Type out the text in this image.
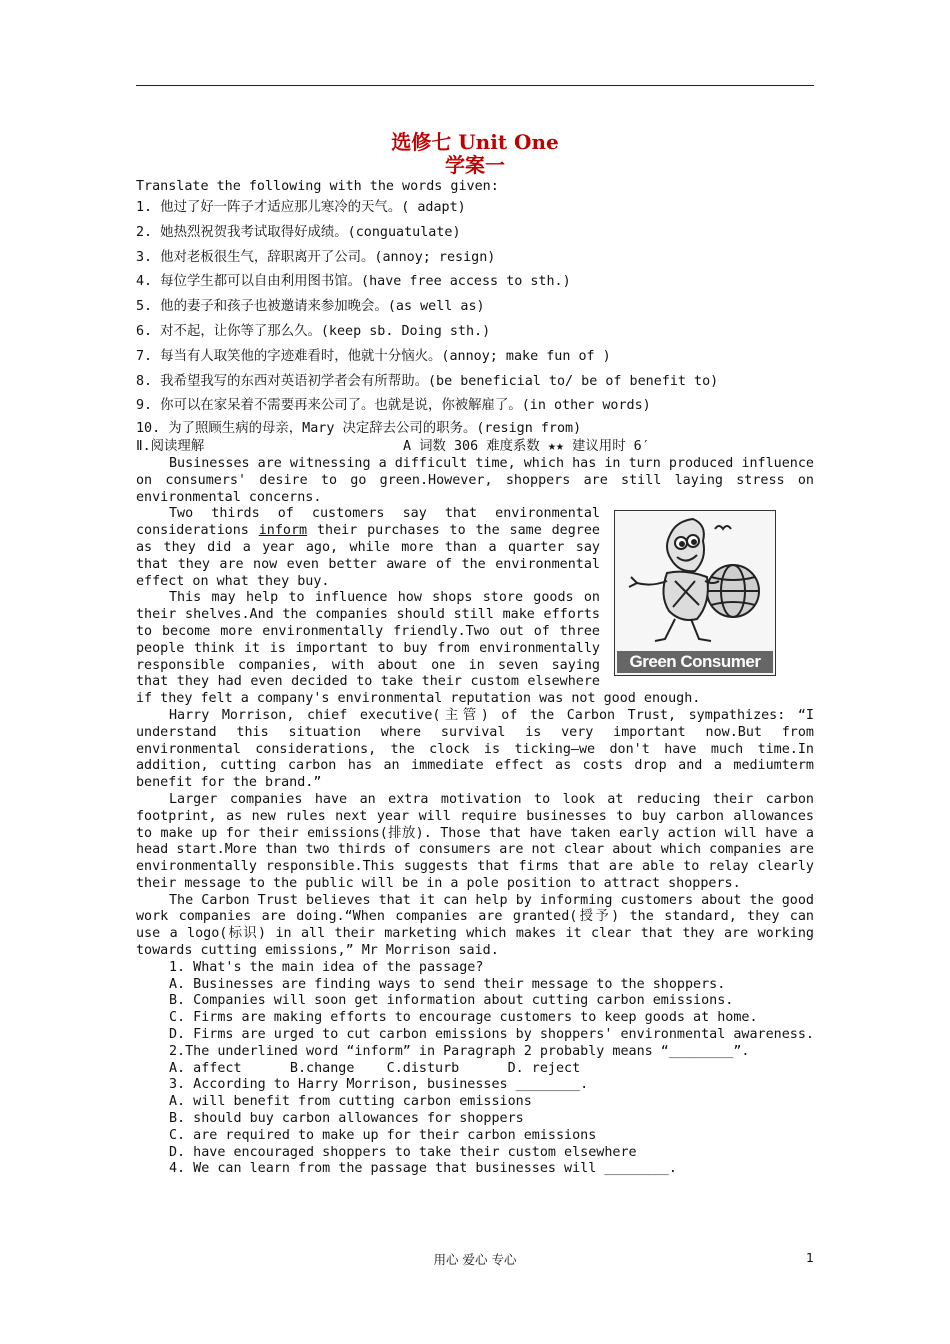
选修七 Unit One
学案一
Translate the following with the words given:
1. 他过了好一阵子才适应那儿寒冷的天气。( adapt)
2. 她热烈祝贺我考试取得好成绩。(conguatulate)
3. 他对老板很生气，辞职离开了公司。(annoy; resign)
4. 每位学生都可以自由利用图书馆。(have free access to sth.)
5. 他的妻子和孩子也被邀请来参加晚会。(as well as)
6. 对不起，让你等了那么久。(keep sb. Doing sth.)
7. 每当有人取笑他的字迹难看时，他就十分恼火。(annoy; make fun of )
8. 我希望我写的东西对英语初学者会有所帮助。(be beneficial to/ be of benefit to)
9. 你可以在家呆着不需要再来公司了。也就是说，你被解雇了。(in other words)
10. 为了照顾生病的母亲，Mary 决定辞去公司的职务。(resign from)
Ⅱ.阅读理解	A 词数 306 难度系数 ★★ 建议用时 6′

Businesses are witnessing a difficult time, which has in turn produced influence on consumers' desire to go green.However, shoppers are still laying stress on environmental concerns.

Green Consumer

Two thirds of customers say that environmental considerations inform their purchases to the same degree as they did a year ago, while more than a quarter say that they are now even better aware of the environmental effect on what they buy.

This may help to influence how shops store goods on their shelves.And the companies should still make efforts to become more environmentally friendly.Two out of three people think it is important to buy from environmentally responsible companies, with about one in seven saying that they had even decided to take their custom elsewhere if they felt a company's environmental reputation was not good enough.

Harry Morrison, chief executive(主管) of the Carbon Trust, sympathizes: “I understand this situation where survival is very important now.But from environmental considerations, the clock is ticking—we don't have much time.In addition, cutting carbon has an immediate effect as costs drop and a mediumterm benefit for the brand.”

Larger companies have an extra motivation to look at reducing their carbon footprint, as new rules next year will require businesses to buy carbon allowances to make up for their emissions(排放). Those that have taken early action will have a head start.More than two thirds of consumers are not clear about which companies are environmentally responsible.This suggests that firms that are able to relay clearly their message to the public will be in a pole position to attract shoppers.

The Carbon Trust believes that it can help by informing customers about the good work companies are doing.“When companies are granted(授予) the standard, they can use a logo(标识) in all their marketing which makes it clear that they are working towards cutting emissions,” Mr Morrison said.

1. What's the main idea of the passage?
A. Businesses are finding ways to send their message to the shoppers.
B. Companies will soon get information about cutting carbon emissions.
C. Firms are making efforts to encourage customers to keep goods at home.

D. Firms are urged to cut carbon emissions by shoppers' environmental awareness.

2.The underlined word “inform” in Paragraph 2 probably means “________”.
A. affect      B.change    C.disturb      D. reject
3. According to Harry Morrison, businesses ________.
A. will benefit from cutting carbon emissions
B. should buy carbon allowances for shoppers
C. are required to make up for their carbon emissions
D. have encouraged shoppers to take their custom elsewhere
4. We can learn from the passage that businesses will ________.
用心 爱心 专心	1
